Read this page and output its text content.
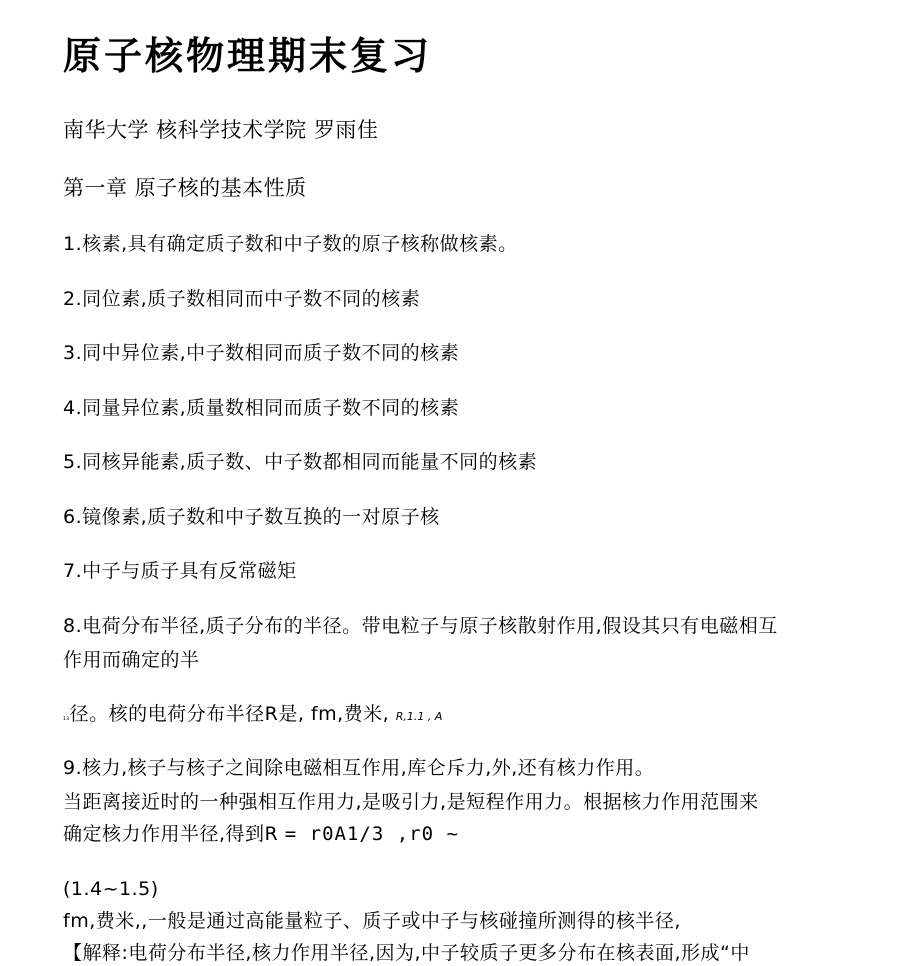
原子核物理期末复习
南华大学 核科学技术学院 罗雨佳
第一章 原子核的基本性质
1.核素,具有确定质子数和中子数的原子核称做核素。
2.同位素,质子数相同而中子数不同的核素
3.同中异位素,中子数相同而质子数不同的核素
4.同量异位素,质量数相同而质子数不同的核素
5.同核异能素,质子数、中子数都相同而能量不同的核素
6.镜像素,质子数和中子数互换的一对原子核
7.中子与质子具有反常磁矩
8.电荷分布半径,质子分布的半径。带电粒子与原子核散射作用,假设其只有电磁相互
作用而确定的半
₁₃径。核的电荷分布半径R是, fm,费米, R,1.1 , A
9.核力,核子与核子之间除电磁相互作用,库仑斥力,外,还有核力作用。
当距离接近时的一种强相互作用力,是吸引力,是短程作用力。根据核力作用范围来
确定核力作用半径,得到R = r0A1/3 ,r0 ~
(1.4~1.5)
fm,费米,,一般是通过高能量粒子、质子或中子与核碰撞所测得的核半径,
【解释:电荷分布半径,核力作用半径,因为,中子较质子更多分布在核表面,形成“中
